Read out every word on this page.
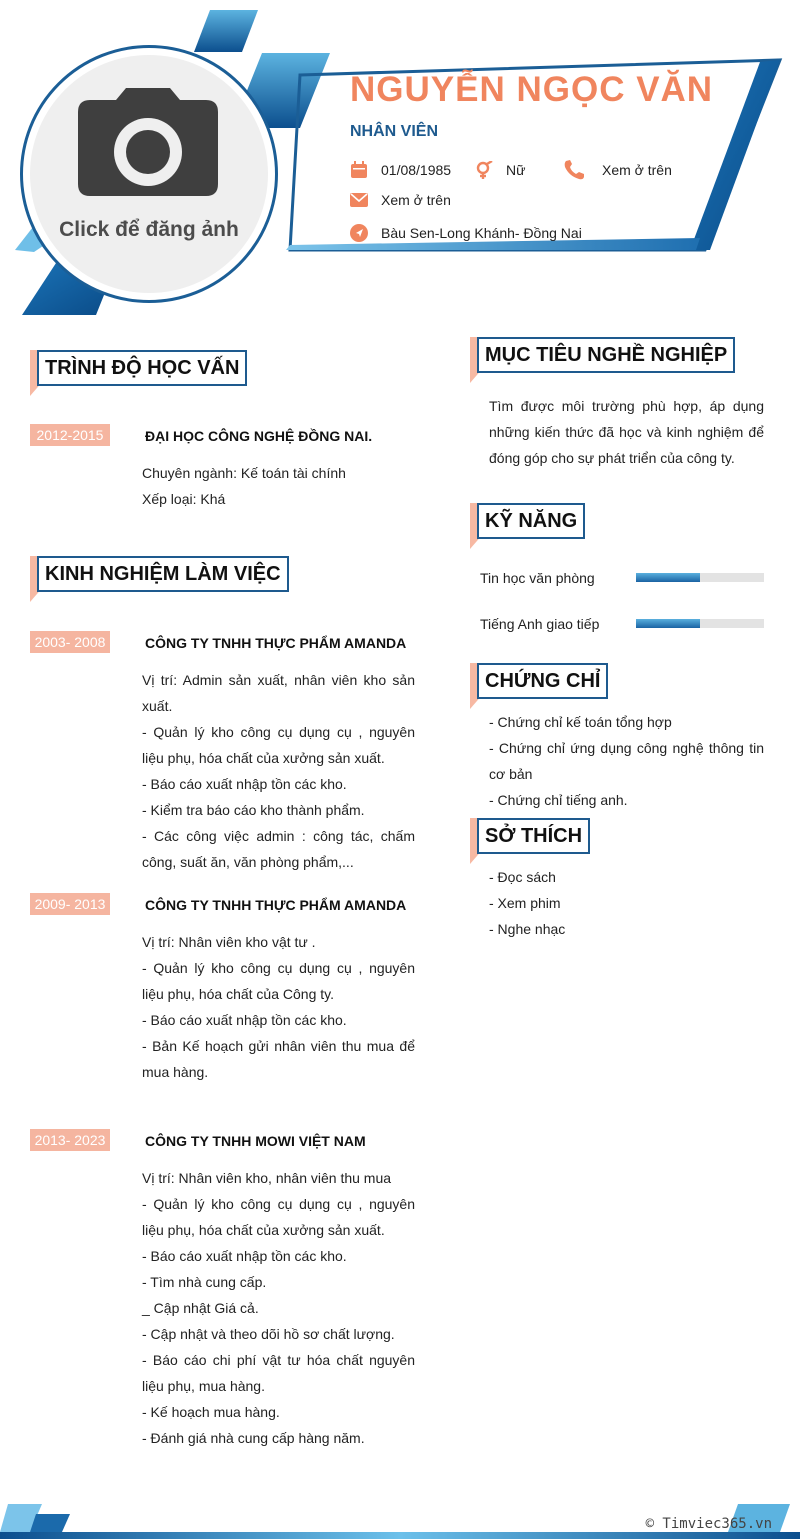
Click để đăng ảnh
NGUYỄN NGỌC VĂN
NHÂN VIÊN
01/08/1985	Nữ	Xem ở trên
Xem ở trên
Bàu Sen-Long Khánh- Đồng Nai
TRÌNH ĐỘ HỌC VẤN
2012-2015	ĐẠI HỌC CÔNG NGHỆ ĐỒNG NAI.
Chuyên ngành: Kế toán tài chính
Xếp loại: Khá
KINH NGHIỆM LÀM VIỆC
2003- 2008	CÔNG TY TNHH THỰC PHẨM AMANDA
Vị trí: Admin sản xuất, nhân viên kho sản xuất.
- Quản lý kho công cụ dụng cụ , nguyên liệu phụ, hóa chất của xưởng sản xuất.
- Báo cáo xuất nhập tồn các kho.
- Kiểm tra báo cáo kho thành phẩm.
- Các công việc admin : công tác, chấm công, suất ăn, văn phòng phẩm,...
2009- 2013	CÔNG TY TNHH THỰC PHẨM AMANDA
Vị trí: Nhân viên kho vật tư .
- Quản lý kho công cụ dụng cụ , nguyên liệu phụ, hóa chất của Công ty.
- Báo cáo xuất nhập tồn các kho.
- Bản Kế hoạch gửi nhân viên thu mua để mua hàng.
2013- 2023	CÔNG TY TNHH MOWI VIỆT NAM
Vị trí: Nhân viên kho, nhân viên thu mua
- Quản lý kho công cụ dụng cụ , nguyên liệu phụ, hóa chất của xưởng sản xuất.
- Báo cáo xuất nhập tồn các kho.
- Tìm nhà cung cấp.
_ Cập nhật Giá cả.
- Cập nhật và theo dõi hồ sơ chất lượng.
- Báo cáo chi phí vật tư hóa chất nguyên liệu phụ, mua hàng.
- Kế hoạch mua hàng.
- Đánh giá nhà cung cấp hàng năm.
MỤC TIÊU NGHỀ NGHIỆP
Tìm được môi trường phù hợp, áp dụng những kiến thức đã học và kinh nghiệm để đóng góp cho sự phát triển của công ty.
KỸ NĂNG
Tin học văn phòng
Tiếng Anh giao tiếp
CHỨNG CHỈ
- Chứng chỉ kế toán tổng hợp
- Chứng chỉ ứng dụng công nghệ thông tin cơ bản
- Chứng chỉ tiếng anh.
SỞ THÍCH
- Đọc sách
- Xem phim
- Nghe nhạc
© Timviec365.vn
